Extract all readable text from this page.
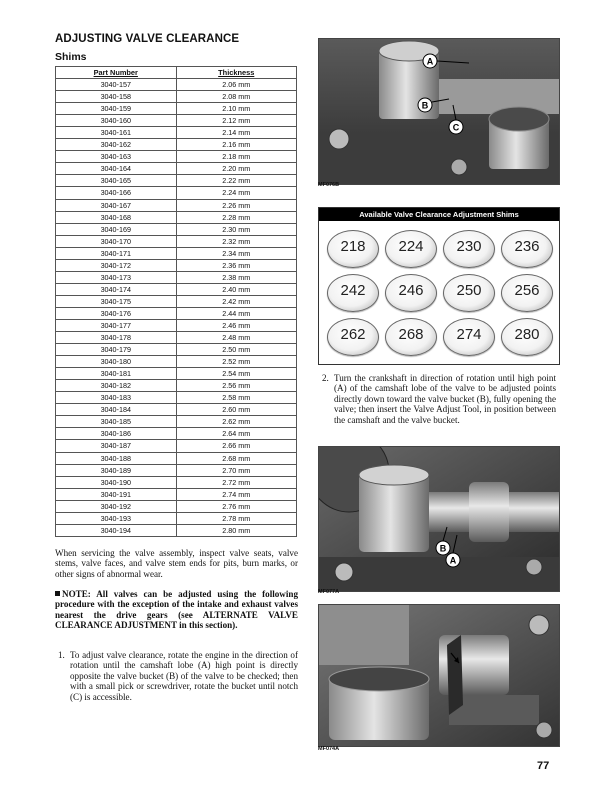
ADJUSTING VALVE CLEARANCE
Shims
Part Number	Thickness
3040-157	2.06 mm
3040-158	2.08 mm
3040-159	2.10 mm
3040-160	2.12 mm
3040-161	2.14 mm
3040-162	2.16 mm
3040-163	2.18 mm
3040-164	2.20 mm
3040-165	2.22 mm
3040-166	2.24 mm
3040-167	2.26 mm
3040-168	2.28 mm
3040-169	2.30 mm
3040-170	2.32 mm
3040-171	2.34 mm
3040-172	2.36 mm
3040-173	2.38 mm
3040-174	2.40 mm
3040-175	2.42 mm
3040-176	2.44 mm
3040-177	2.46 mm
3040-178	2.48 mm
3040-179	2.50 mm
3040-180	2.52 mm
3040-181	2.54 mm
3040-182	2.56 mm
3040-183	2.58 mm
3040-184	2.60 mm
3040-185	2.62 mm
3040-186	2.64 mm
3040-187	2.66 mm
3040-188	2.68 mm
3040-189	2.70 mm
3040-190	2.72 mm
3040-191	2.74 mm
3040-192	2.76 mm
3040-193	2.78 mm
3040-194	2.80 mm

When servicing the valve assembly, inspect valve seats, valve stems, valve faces, and valve stem ends for pits, burn marks, or other signs of abnormal wear.

NOTE: All valves can be adjusted using the following procedure with the exception of the intake and exhaust valves nearest the drive gears (see ALTERNATE VALVE CLEARANCE ADJUSTMENT in this section).

1. To adjust valve clearance, rotate the engine in the direction of rotation until the camshaft lobe (A) high point is directly opposite the valve bucket (B) of the valve to be checked; then with a small pick or screwdriver, rotate the bucket until notch (C) is accessible.
A
B
C
MF076B
Available Valve Clearance Adjustment Shims
218	224	230	236
242	246	250	256
262	268	274	280
2. Turn the crankshaft in direction of rotation until high point (A) of the camshaft lobe of the valve to be adjusted points directly down toward the valve bucket (B), fully opening the valve; then insert the Valve Adjust Tool, in position between the camshaft and the valve bucket.
B
A
MF077A
MF074A
77
